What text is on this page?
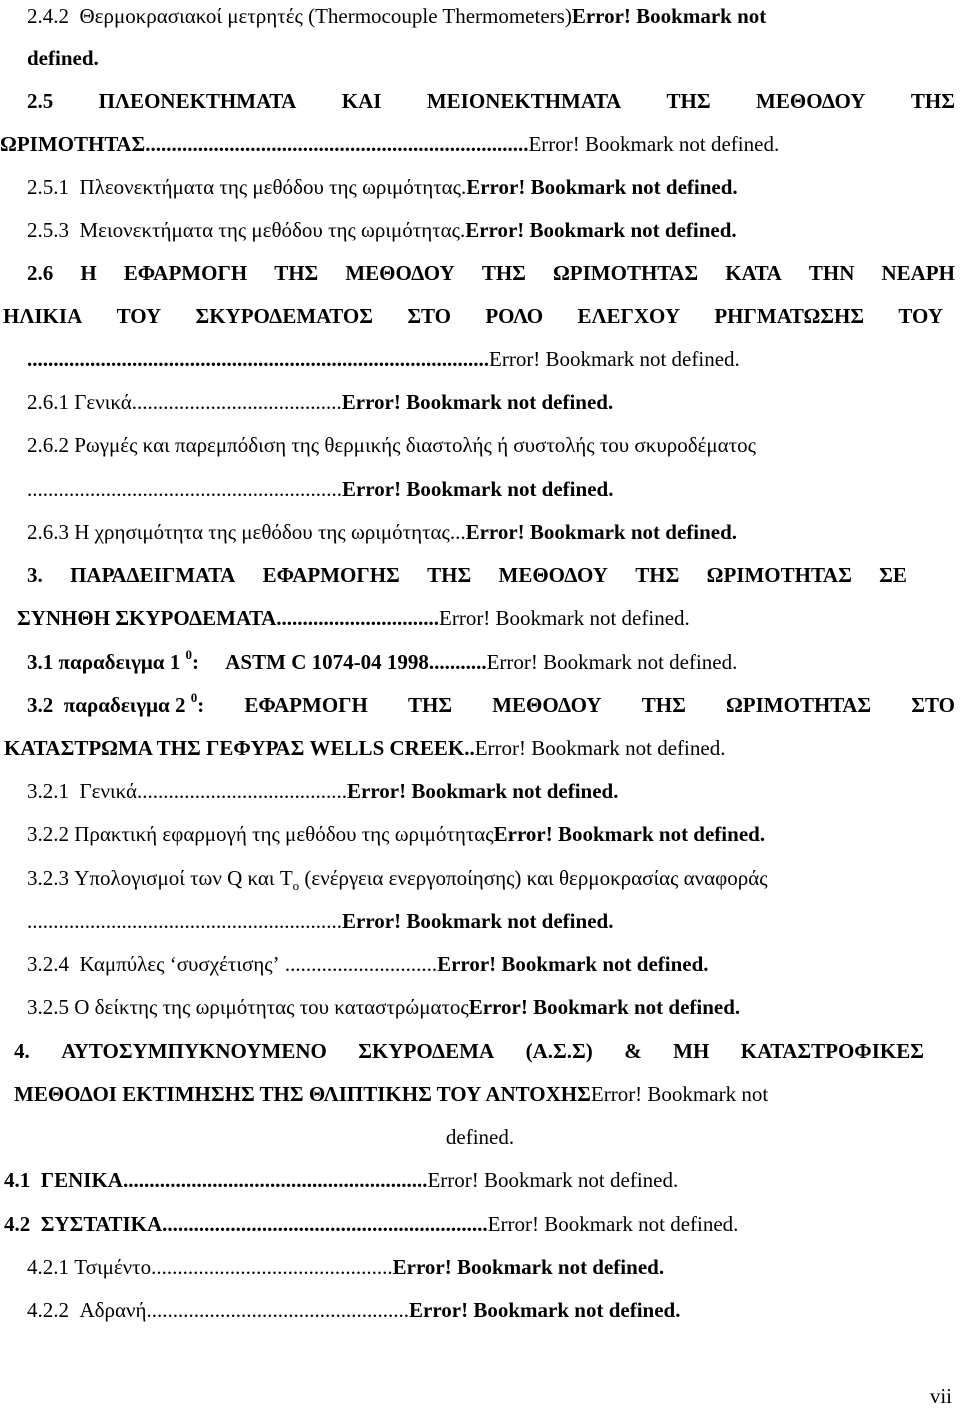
2.4.2 Θερμοκρασιακοί μετρητές (Thermocouple Thermometers)Error! Bookmark not
defined.
2.5 ΠΛΕΟΝΕΚΤΗΜΑΤΑ ΚΑΙ ΜΕΙΟΝΕΚΤΗΜΑΤΑ ΤΗΣ ΜΕΘΟΔΟΥ ΤΗΣ
ΩΡΙΜΟΤΗΤΑΣ.........................................................................Error! Bookmark not defined.
2.5.1 Πλεονεκτήματα της μεθόδου της ωριμότητας.Error! Bookmark not defined.
2.5.3 Μειονεκτήματα της μεθόδου της ωριμότητας.Error! Bookmark not defined.
2.6 Η ΕΦΑΡΜΟΓΗ ΤΗΣ ΜΕΘΟΔΟΥ ΤΗΣ ΩΡΙΜΟΤΗΤΑΣ ΚΑΤΑ ΤΗΝ ΝΕΑΡΗ
ΗΛΙΚΙΑ ΤΟΥ ΣΚΥΡΟΔΕΜΑΤΟΣ ΣΤΟ ΡΟΛΟ ΕΛΕΓΧΟΥ ΡΗΓΜΑΤΩΣΗΣ ΤΟΥ
........................................................................................Error! Bookmark not defined.
2.6.1 Γενικά........................................Error! Bookmark not defined.
2.6.2 Ρωγμές και παρεμπόδιση της θερμικής διαστολής ή συστολής του σκυροδέματος
............................................................Error! Bookmark not defined.
2.6.3 Η χρησιμότητα της μεθόδου της ωριμότητας...Error! Bookmark not defined.
3. ΠΑΡΑΔΕΙΓΜΑΤΑ ΕΦΑΡΜΟΓΗΣ ΤΗΣ ΜΕΘΟΔΟΥ ΤΗΣ ΩΡΙΜΟΤΗΤΑΣ ΣΕ
ΣΥΝΗΘΗ ΣΚΥΡΟΔΕΜΑΤΑ...............................Error! Bookmark not defined.
3.1 παραδειγμα 1 $^0$: ASTM C 1074-04 1998...........Error! Bookmark not defined.
3.2 παραδειγμα 2 $^0$: ΕΦΑΡΜΟΓΗ ΤΗΣ ΜΕΘΟΔΟΥ ΤΗΣ ΩΡΙΜΟΤΗΤΑΣ ΣΤΟ
ΚΑΤΑΣΤΡΩΜΑ ΤΗΣ ΓΕΦΥΡΑΣ WELLS CREEK..Error! Bookmark not defined.
3.2.1 Γενικά........................................Error! Bookmark not defined.
3.2.2 Πρακτική εφαρμογή της μεθόδου της ωριμότηταςError! Bookmark not defined.
3.2.3 Υπολογισμοί των Q και $T_o$ (ενέργεια ενεργοποίησης) και θερμοκρασίας αναφοράς
............................................................Error! Bookmark not defined.
3.2.4 Καμπύλες ‘συσχέτισης’ .............................Error! Bookmark not defined.
3.2.5 Ο δείκτης της ωριμότητας του καταστρώματοςError! Bookmark not defined.
4. ΑΥΤΟΣΥΜΠΥΚΝΟΥΜΕΝΟ ΣΚΥΡΟΔΕΜΑ (Α.Σ.Σ) & ΜΗ ΚΑΤΑΣΤΡΟΦΙΚΕΣ
ΜΕΘΟΔΟΙ ΕΚΤΙΜΗΣΗΣ ΤΗΣ ΘΛΙΠΤΙΚΗΣ ΤΟΥ ΑΝΤΟΧΗΣError! Bookmark not
defined.
4.1 ΓΕΝΙΚΑ..........................................................Error! Bookmark not defined.
4.2 ΣΥΣΤΑΤΙΚΑ..............................................................Error! Bookmark not defined.
4.2.1 Τσιμέντο..............................................Error! Bookmark not defined.
4.2.2 Αδρανή..................................................Error! Bookmark not defined.
vii
